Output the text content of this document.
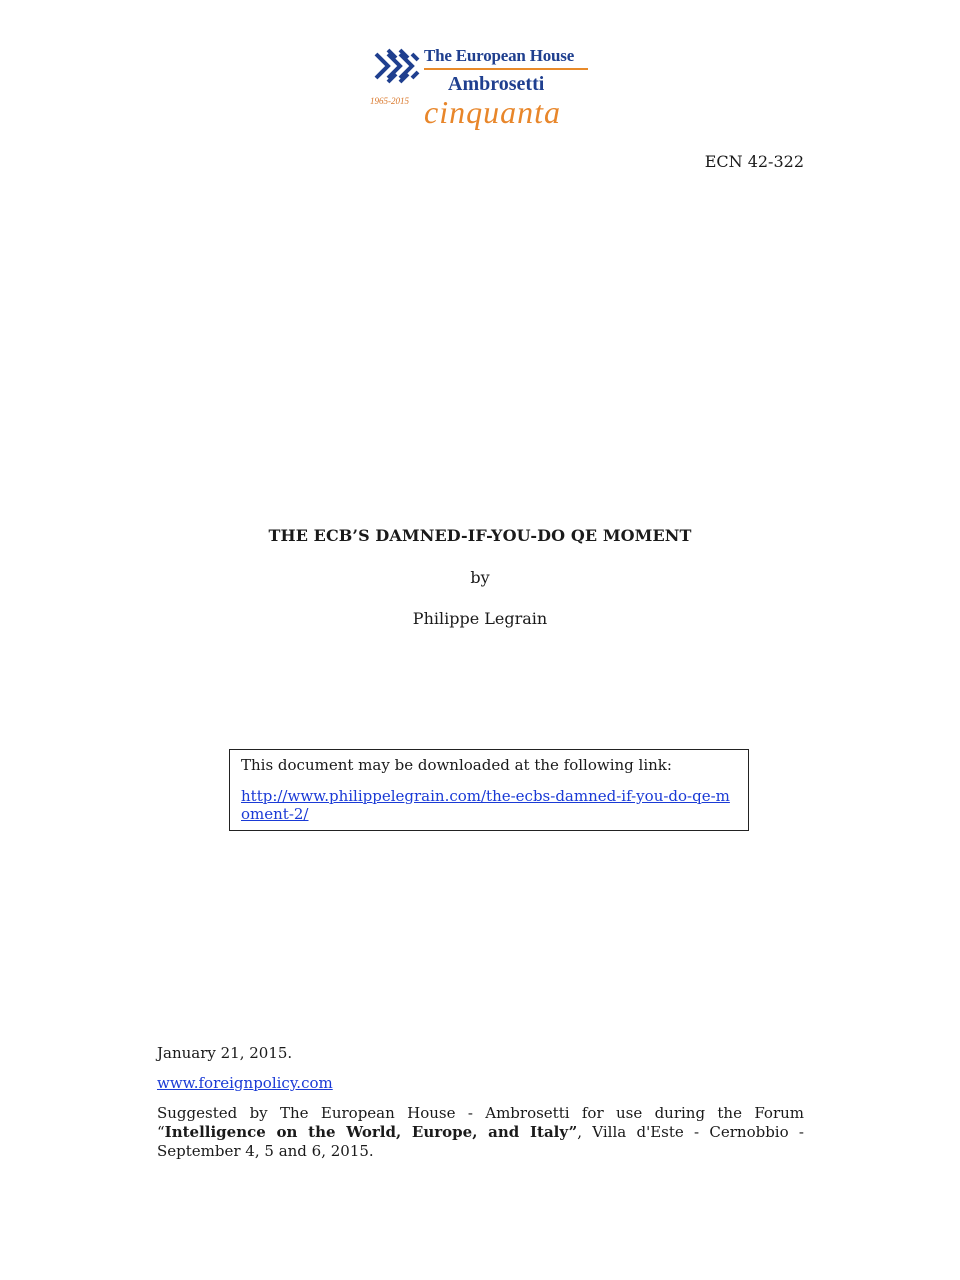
The European House
Ambrosetti
1965-2015 cinquanta
ECN 42-322
THE ECB’S DAMNED-IF-YOU-DO QE MOMENT
by
Philippe Legrain

This document may be downloaded at the following link:

http://www.philippelegrain.com/the-ecbs-damned-if-you-do-qe-moment-2/
January 21, 2015.
www.foreignpolicy.com
Suggested by The European House - Ambrosetti for use during the Forum “Intelligence on the World, Europe, and Italy”, Villa d'Este - Cernobbio - September 4, 5 and 6, 2015.
